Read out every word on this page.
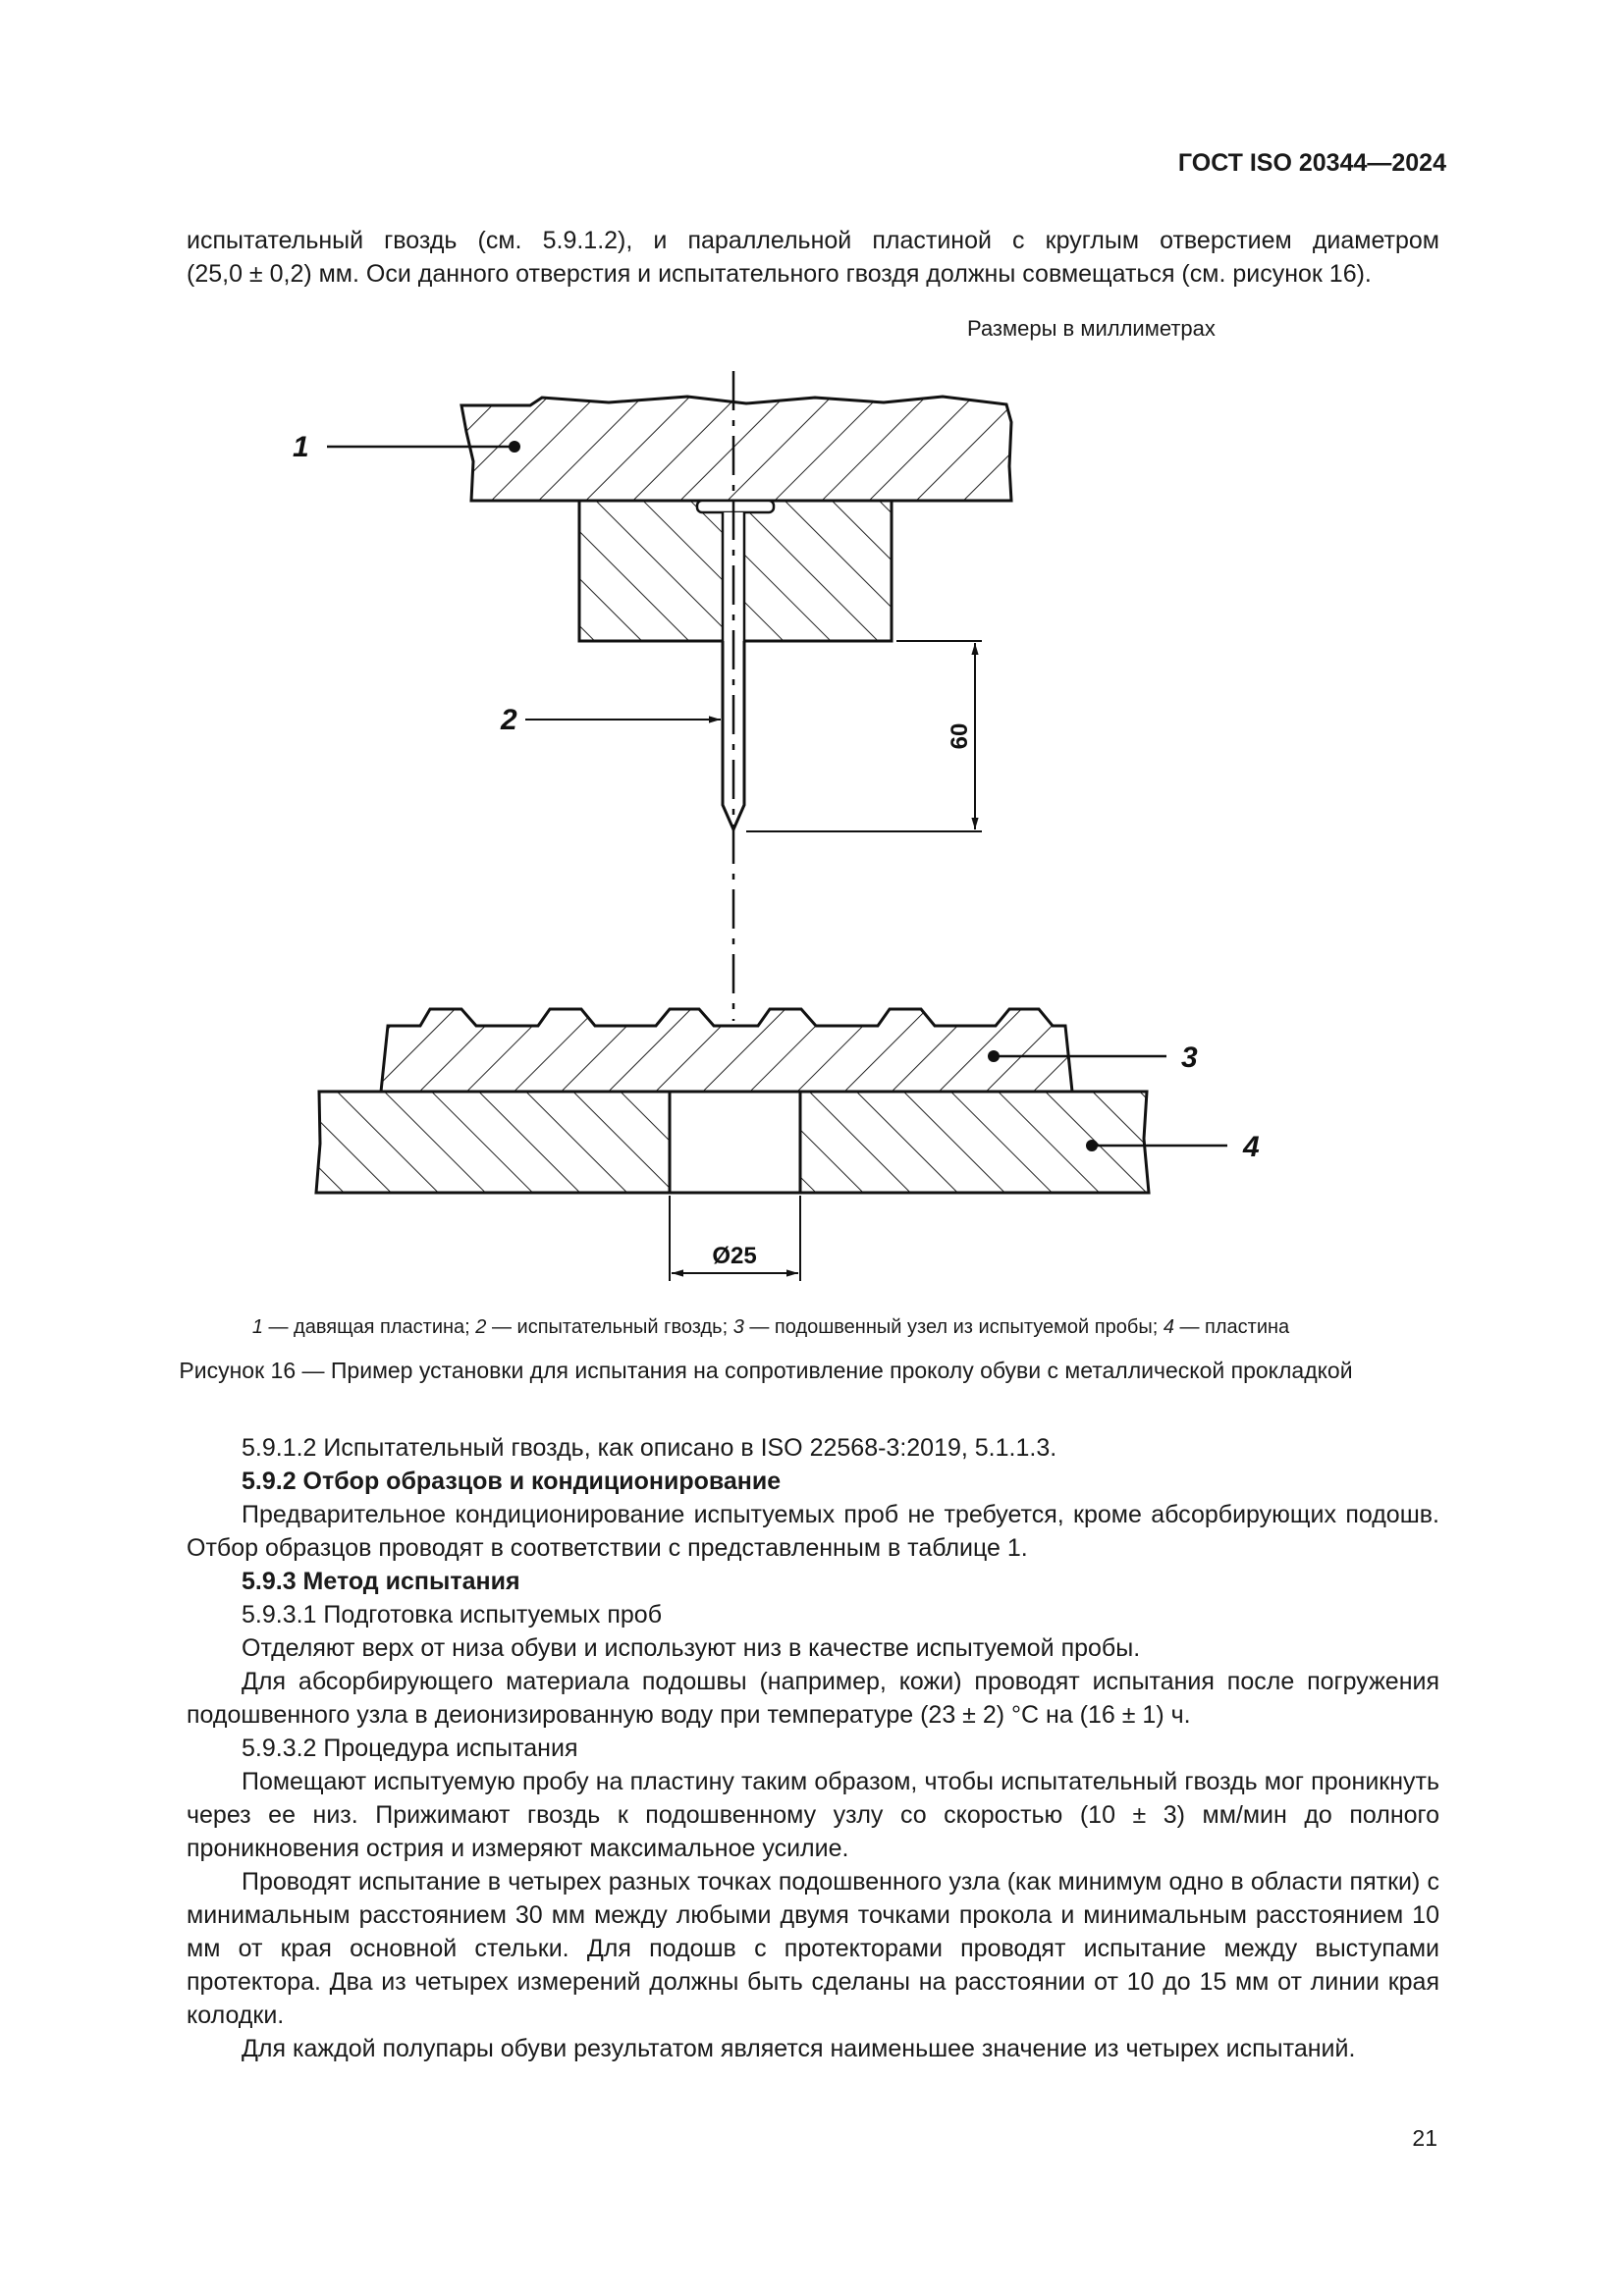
ГОСТ ISO 20344—2024

испытательный гвоздь (см. 5.9.1.2), и параллельной пластиной с круглым отверстием диаметром

(25,0 ± 0,2) мм. Оси данного отверстия и испытательного гвоздя должны совмещаться (см. рисунок 16).

Размеры в миллиметрах
60
Ø25
1
2
3
4
1 — давящая пластина; 2 — испытательный гвоздь; 3 — подошвенный узел из испытуемой пробы; 4 — пластина
Рисунок 16 — Пример установки для испытания на сопротивление проколу обуви с металлической прокладкой

5.9.1.2 Испытательный гвоздь, как описано в ISO 22568-3:2019, 5.1.1.3.

5.9.2 Отбор образцов и кондиционирование

Предварительное кондиционирование испытуемых проб не требуется, кроме абсорбирующих подошв. Отбор образцов проводят в соответствии с представленным в таблице 1.

5.9.3 Метод испытания

5.9.3.1 Подготовка испытуемых проб

Отделяют верх от низа обуви и используют низ в качестве испытуемой пробы.

Для абсорбирующего материала подошвы (например, кожи) проводят испытания после погружения подошвенного узла в деионизированную воду при температуре (23 ± 2) °C на (16 ± 1) ч.

5.9.3.2 Процедура испытания

Помещают испытуемую пробу на пластину таким образом, чтобы испытательный гвоздь мог проникнуть через ее низ. Прижимают гвоздь к подошвенному узлу со скоростью (10 ± 3) мм/мин до полного проникновения острия и измеряют максимальное усилие.

Проводят испытание в четырех разных точках подошвенного узла (как минимум одно в области пятки) с минимальным расстоянием 30 мм между любыми двумя точками прокола и минимальным расстоянием 10 мм от края основной стельки. Для подошв с протекторами проводят испытание между выступами протектора. Два из четырех измерений должны быть сделаны на расстоянии от 10 до 15 мм от линии края колодки.

Для каждой полупары обуви результатом является наименьшее значение из четырех испытаний.

21
